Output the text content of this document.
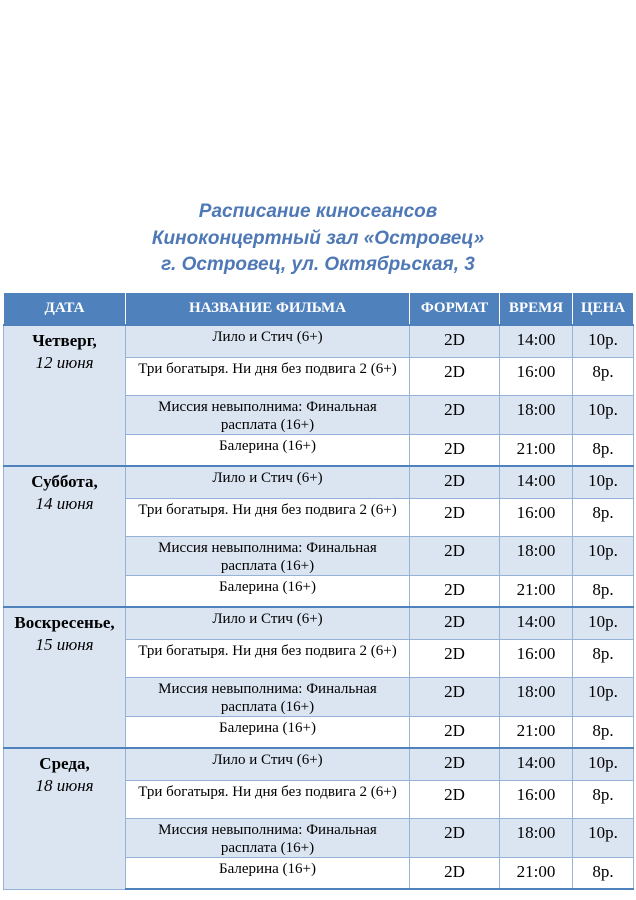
Расписание киносеансов
Киноконцертный зал «Островец»
г. Островец, ул. Октябрьская, 3
ДАТА	НАЗВАНИЕ ФИЛЬМА	ФОРМАТ	ВРЕМЯ	ЦЕНА

Четверг,
12 июня	Лило и Стич (6+)	2D	14:00	10р.
	Три богатыря. Ни дня без подвига 2 (6+)	2D	16:00	8р.
	Миссия невыполнима: Финальная расплата (16+)	2D	18:00	10р.
	Балерина (16+)	2D	21:00	8р.

Суббота,
14 июня	Лило и Стич (6+)	2D	14:00	10р.
	Три богатыря. Ни дня без подвига 2 (6+)	2D	16:00	8р.
	Миссия невыполнима: Финальная расплата (16+)	2D	18:00	10р.
	Балерина (16+)	2D	21:00	8р.

Воскресенье,
15 июня	Лило и Стич (6+)	2D	14:00	10р.
	Три богатыря. Ни дня без подвига 2 (6+)	2D	16:00	8р.
	Миссия невыполнима: Финальная расплата (16+)	2D	18:00	10р.
	Балерина (16+)	2D	21:00	8р.

Среда,
18 июня	Лило и Стич (6+)	2D	14:00	10р.
	Три богатыря. Ни дня без подвига 2 (6+)	2D	16:00	8р.
	Миссия невыполнима: Финальная расплата (16+)	2D	18:00	10р.
	Балерина (16+)	2D	21:00	8р.
